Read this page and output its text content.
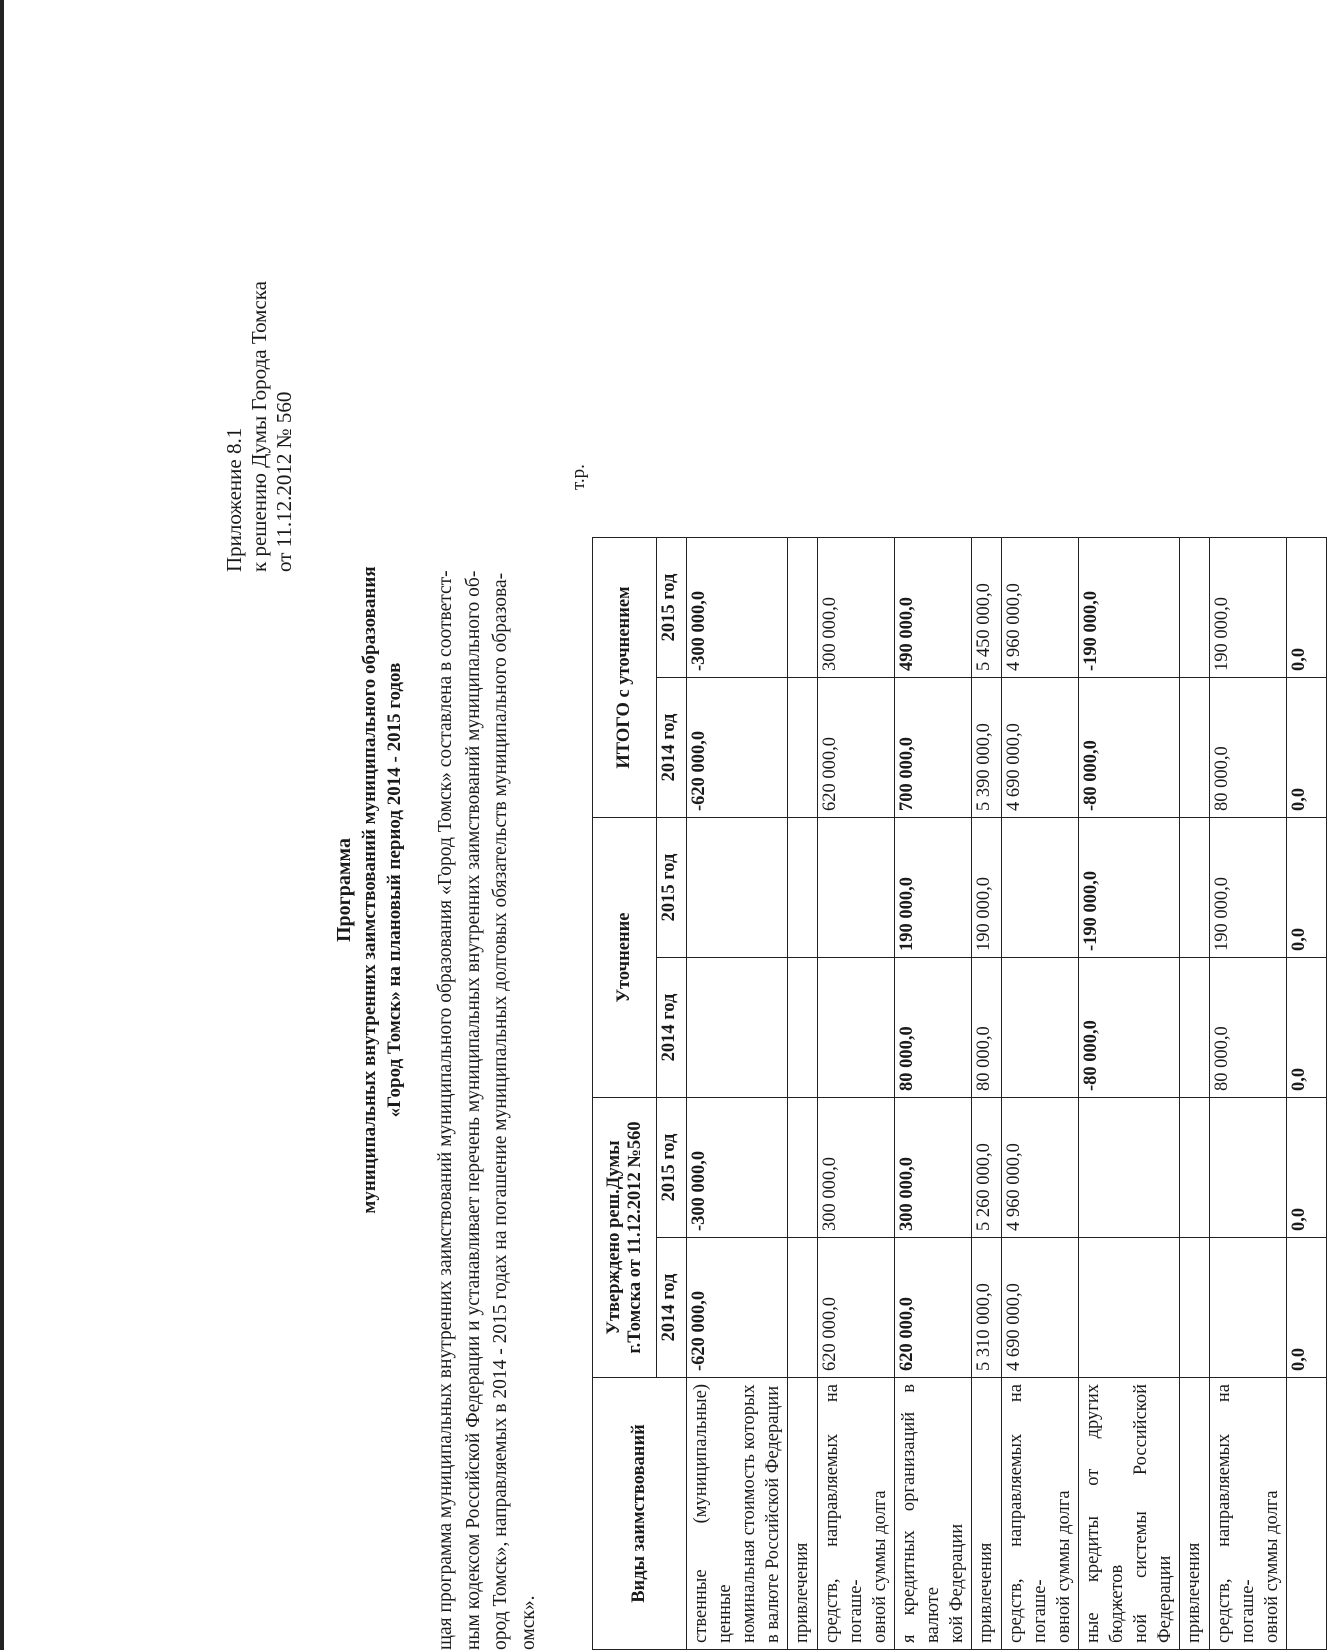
Приложение 8.1 к решению Думы Города Томска от 11.12.2012 № 560
Программа муниципальных внутренних заимствований муниципального образования «Город Томск» на плановый период 2014 - 2015 годов щая программа муниципальных внутренних заимствований муниципального образования «Город Томск» составлена в соответст- ным кодексом Российской Федерации и устанавливает перечень муниципальных внутренних заимствований муниципального об- ород Томск», направляемых в 2014 - 2015 годах на погашение муниципальных долговых обязательств муниципального образова- омск».
т.р.
Виды заимствований	Утверждено реш.Думы г.Томска от 11.12.2012 №560		Уточнение		ИТОГО с уточнением	
	2014 год	2015 год	2014 год	2015 год	2014 год	2015 год

ственные (муниципальные) ценные номинальная стоимость которых в валюте Российской Федерации	-620 000,0	-300 000,0			-620 000,0	-300 000,0

привлечения						

средств, направляемых на погаше- овной суммы долга	620 000,0	300 000,0			620 000,0	300 000,0

я кредитных организаций в валюте кой Федерации	620 000,0	300 000,0	80 000,0	190 000,0	700 000,0	490 000,0

привлечения	5 310 000,0	5 260 000,0	80 000,0	190 000,0	5 390 000,0	5 450 000,0

средств, направляемых на погаше- овной суммы долга	4 690 000,0	4 960 000,0			4 690 000,0	4 960 000,0

ные кредиты от других бюджетов ной системы Российской Федерации			-80 000,0	-190 000,0	-80 000,0	-190 000,0

привлечения						

средств, направляемых на погаше- овной суммы долга			80 000,0	190 000,0	80 000,0	190 000,0

	0,0	0,0	0,0	0,0	0,0	0,0
